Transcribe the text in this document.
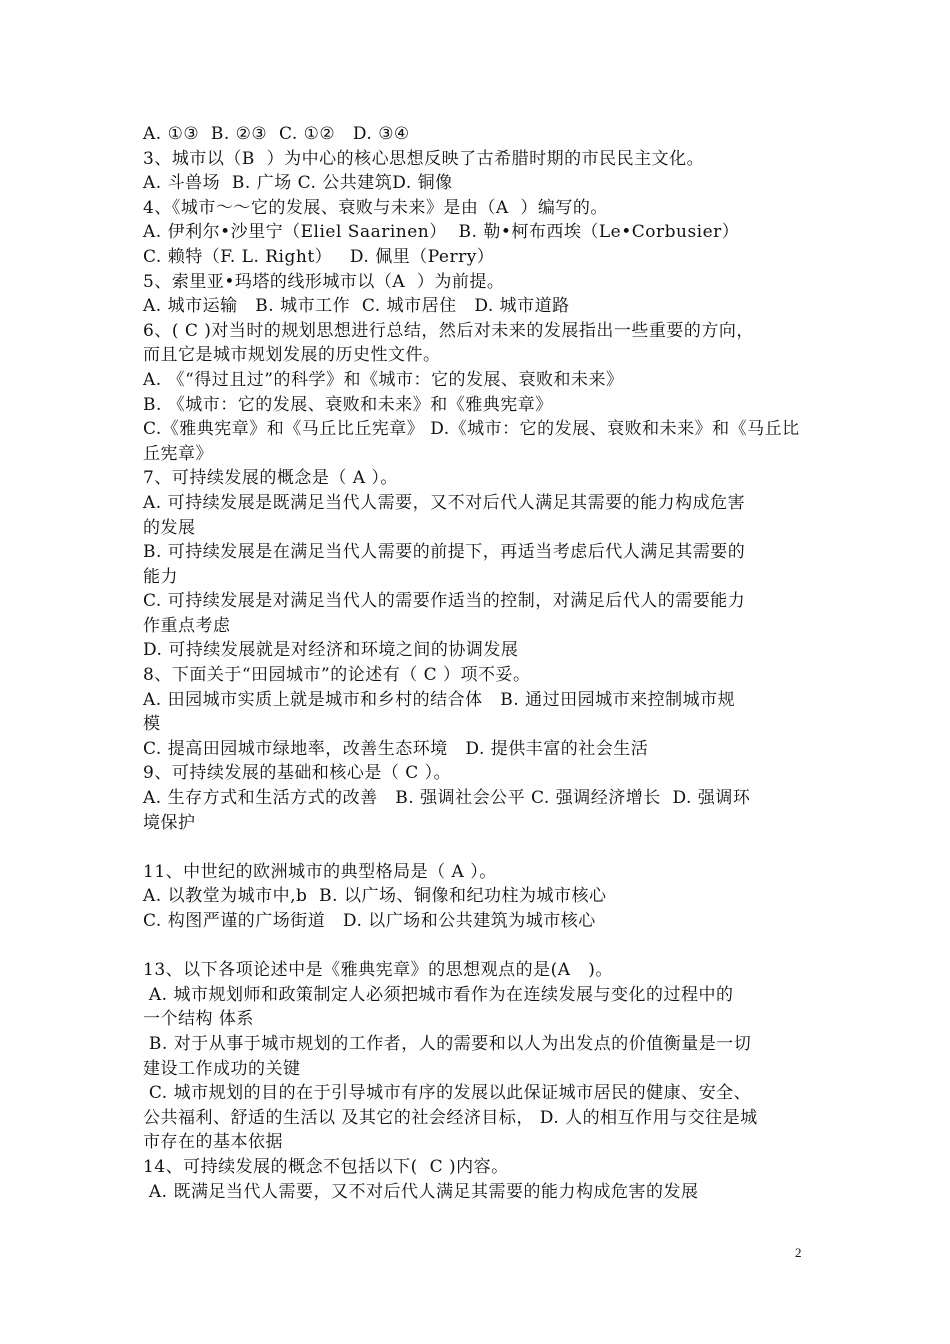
A. ①③  B. ②③  C. ①②   D. ③④
3、城市以（B  ）为中心的核心思想反映了古希腊时期的市民民主文化。
A. 斗兽场  B. 广场 C. 公共建筑D. 铜像
4、《城市～～它的发展、衰败与未来》是由（A  ）编写的。
A. 伊利尔•沙里宁（Eliel Saarinen）  B. 勒•柯布西埃（Le•Corbusier）
C. 赖特（F. L. Right）   D. 佩里（Perry）
5、索里亚•玛塔的线形城市以（A  ）为前提。
A. 城市运输   B. 城市工作  C. 城市居住   D. 城市道路
6、( C )对当时的规划思想进行总结，然后对未来的发展指出一些重要的方向，
而且它是城市规划发展的历史性文件。
A. 《“得过且过”的科学》和《城市：它的发展、衰败和未来》
B. 《城市：它的发展、衰败和未来》和《雅典宪章》
C.《雅典宪章》和《马丘比丘宪章》 D.《城市：它的发展、衰败和未来》和《马丘比
丘宪章》
7、可持续发展的概念是（ A ）。
A. 可持续发展是既满足当代人需要，又不对后代人满足其需要的能力构成危害
的发展
B. 可持续发展是在满足当代人需要的前提下，再适当考虑后代人满足其需要的
能力
C. 可持续发展是对满足当代人的需要作适当的控制，对满足后代人的需要能力
作重点考虑
D. 可持续发展就是对经济和环境之间的协调发展
8、下面关于“田园城市”的论述有（ C ）项不妥。
A. 田园城市实质上就是城市和乡村的结合体   B. 通过田园城市来控制城市规
模
C. 提高田园城市绿地率，改善生态环境   D. 提供丰富的社会生活
9、可持续发展的基础和核心是（ C ）。
A. 生存方式和生活方式的改善   B. 强调社会公平 C. 强调经济增长  D. 强调环
境保护
11、中世纪的欧洲城市的典型格局是（ A ）。
A. 以教堂为城市中,b  B. 以广场、铜像和纪功柱为城市核心
C. 构图严谨的广场街道   D. 以广场和公共建筑为城市核心
13、以下各项论述中是《雅典宪章》的思想观点的是(A   )。
A. 城市规划师和政策制定人必须把城市看作为在连续发展与变化的过程中的
一个结构 体系
B. 对于从事于城市规划的工作者，人的需要和以人为出发点的价值衡量是一切
建设工作成功的关键
C. 城市规划的目的在于引导城市有序的发展以此保证城市居民的健康、安全、
公共福利、舒适的生活以 及其它的社会经济目标， D. 人的相互作用与交往是城
市存在的基本依据
14、可持续发展的概念不包括以下(  C )内容。
A. 既满足当代人需要，又不对后代人满足其需要的能力构成危害的发展
2
